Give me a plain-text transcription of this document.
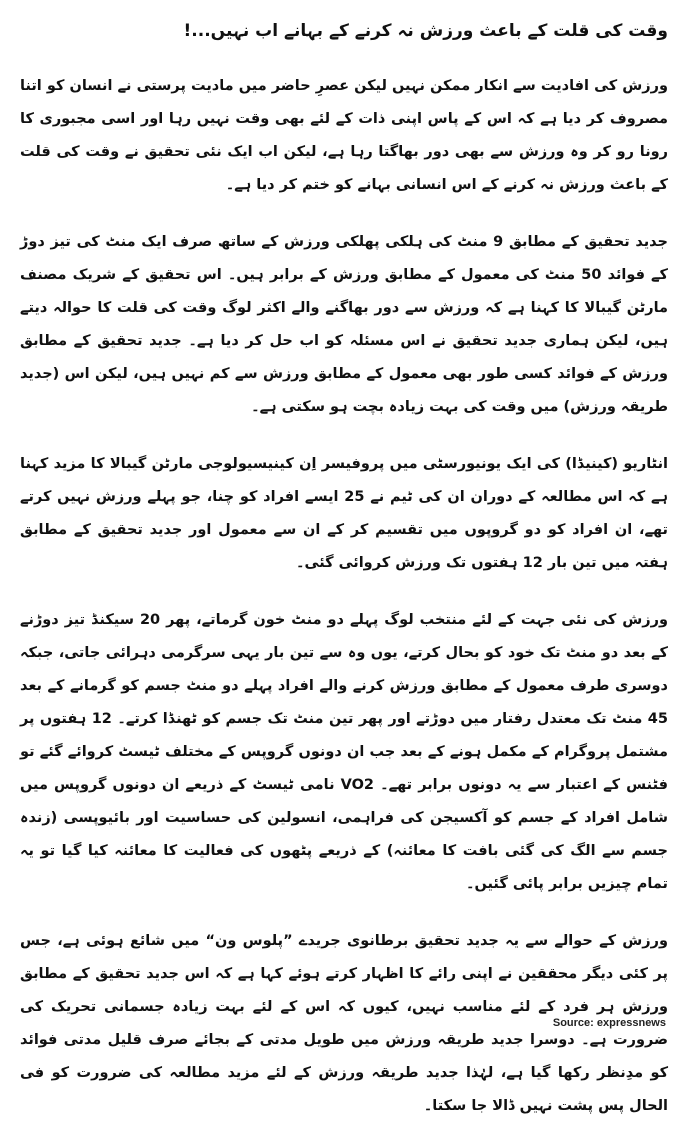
وقت کی قلت کے باعث ورزش نہ کرنے کے بہانے اب نہیں...!

ورزش کی افادیت سے انکار ممکن نہیں لیکن عصرِ حاضر میں مادیت پرستی نے انسان کو اتنا مصروف کر دیا ہے کہ اس کے پاس اپنی ذات کے لئے بھی وقت نہیں رہا اور اسی مجبوری کا رونا رو کر وہ ورزش سے بھی دور بھاگتا رہا ہے، لیکن اب ایک نئی تحقیق نے وقت کی قلت کے باعث ورزش نہ کرنے کے اس انسانی بہانے کو ختم کر دیا ہے۔

جدید تحقیق کے مطابق 9 منٹ کی ہلکی پھلکی ورزش کے ساتھ صرف ایک منٹ کی تیز دوڑ کے فوائد 50 منٹ کی معمول کے مطابق ورزش کے برابر ہیں۔ اس تحقیق کے شریک مصنف مارٹن گیبالا کا کہنا ہے کہ ورزش سے دور بھاگنے والے اکثر لوگ وقت کی قلت کا حوالہ دیتے ہیں، لیکن ہماری جدید تحقیق نے اس مسئلہ کو اب حل کر دیا ہے۔ جدید تحقیق کے مطابق ورزش کے فوائد کسی طور بھی معمول کے مطابق ورزش سے کم نہیں ہیں، لیکن اس (جدید طریقہ ورزش) میں وقت کی بہت زیادہ بچت ہو سکتی ہے۔

انٹاریو (کینیڈا) کی ایک یونیورسٹی میں پروفیسر اِن کینیسیولوجی مارٹن گیبالا کا مزید کہنا ہے کہ اس مطالعہ کے دوران ان کی ٹیم نے 25 ایسے افراد کو چنا، جو پہلے ورزش نہیں کرتے تھے، ان افراد کو دو گروپوں میں تقسیم کر کے ان سے معمول اور جدید تحقیق کے مطابق ہفتہ میں تین بار 12 ہفتوں تک ورزش کروائی گئی۔

ورزش کی نئی جہت کے لئے منتخب لوگ پہلے دو منٹ خون گرماتے، پھر 20 سیکنڈ تیز دوڑنے کے بعد دو منٹ تک خود کو بحال کرتے، یوں وہ سے تین بار یہی سرگرمی دہرائی جاتی، جبکہ دوسری طرف معمول کے مطابق ورزش کرنے والے افراد پہلے دو منٹ جسم کو گرمانے کے بعد 45 منٹ تک معتدل رفتار میں دوڑتے اور پھر تین منٹ تک جسم کو ٹھنڈا کرتے۔ 12 ہفتوں پر مشتمل پروگرام کے مکمل ہونے کے بعد جب ان دونوں گروپس کے مختلف ٹیسٹ کروائے گئے تو فٹنس کے اعتبار سے یہ دونوں برابر تھے۔ VO2 نامی ٹیسٹ کے ذریعے ان دونوں گروپس میں شامل افراد کے جسم کو آکسیجن کی فراہمی، انسولین کی حساسیت اور بائیوپسی (زندہ جسم سے الگ کی گئی بافت کا معائنہ) کے ذریعے پٹھوں کی فعالیت کا معائنہ کیا گیا تو یہ تمام چیزیں برابر پائی گئیں۔

ورزش کے حوالے سے یہ جدید تحقیق برطانوی جریدے ”پلوس ون“ میں شائع ہوئی ہے، جس پر کئی دیگر محققین نے اپنی رائے کا اظہار کرتے ہوئے کہا ہے کہ اس جدید تحقیق کے مطابق ورزش ہر فرد کے لئے مناسب نہیں، کیوں کہ اس کے لئے بہت زیادہ جسمانی تحریک کی ضرورت ہے۔ دوسرا جدید طریقہ ورزش میں طویل مدتی کے بجائے صرف قلیل مدتی فوائد کو مدِنظر رکھا گیا ہے، لہٰذا جدید طریقہ ورزش کے لئے مزید مطالعہ کی ضرورت کو فی الحال پس پشت نہیں ڈالا جا سکتا۔

Source: expressnews
